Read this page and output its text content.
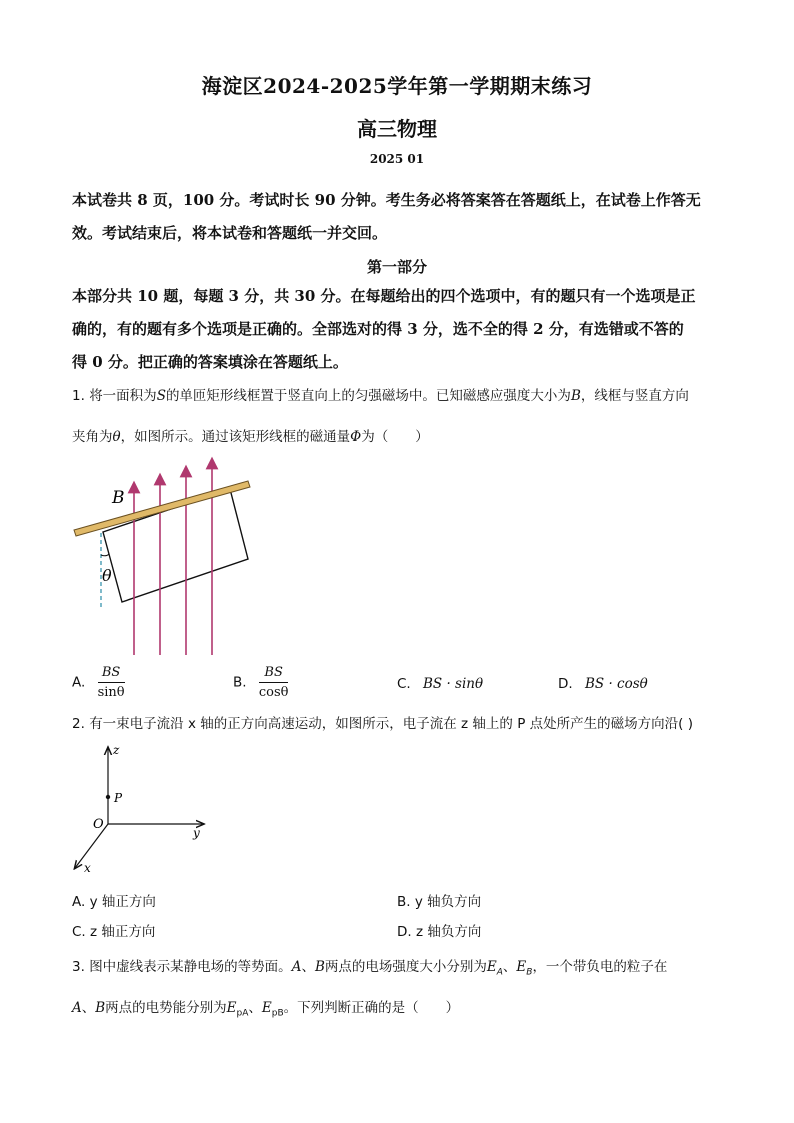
海淀区2024-2025学年第一学期期末练习
高三物理
2025 01
本试卷共 8 页，100 分。考试时长 90 分钟。考生务必将答案答在答题纸上，在试卷上作答无
效。考试结束后，将本试卷和答题纸一并交回。
第一部分
本部分共 10 题，每题 3 分，共 30 分。在每题给出的四个选项中，有的题只有一个选项是正
确的，有的题有多个选项是正确的。全部选对的得 3 分，选不全的得 2 分，有选错或不答的
得 0 分。把正确的答案填涂在答题纸上。
1. 将一面积为S的单匝矩形线框置于竖直向上的匀强磁场中。已知磁感应强度大小为B，线框与竖直方向
夹角为θ，如图所示。通过该矩形线框的磁通量Φ为（　　）
B
θ
A. $\frac{BS}{\sin\theta}$	B. $\frac{BS}{\cos\theta}$	C. BS · sinθ	D. BS · cosθ
2. 有一束电子流沿 x 轴的正方向高速运动，如图所示，电子流在 z 轴上的 P 点处所产生的磁场方向沿( )
z
P
O
y
x
A. y 轴正方向	B. y 轴负方向
C. z 轴正方向	D. z 轴负方向
3. 图中虚线表示某静电场的等势面。A、B两点的电场强度大小分别为$E_A$、$E_B$，一个带负电的粒子在
A、B两点的电势能分别为$E_{pA}$、$E_{pB}$。下列判断正确的是（　　）
